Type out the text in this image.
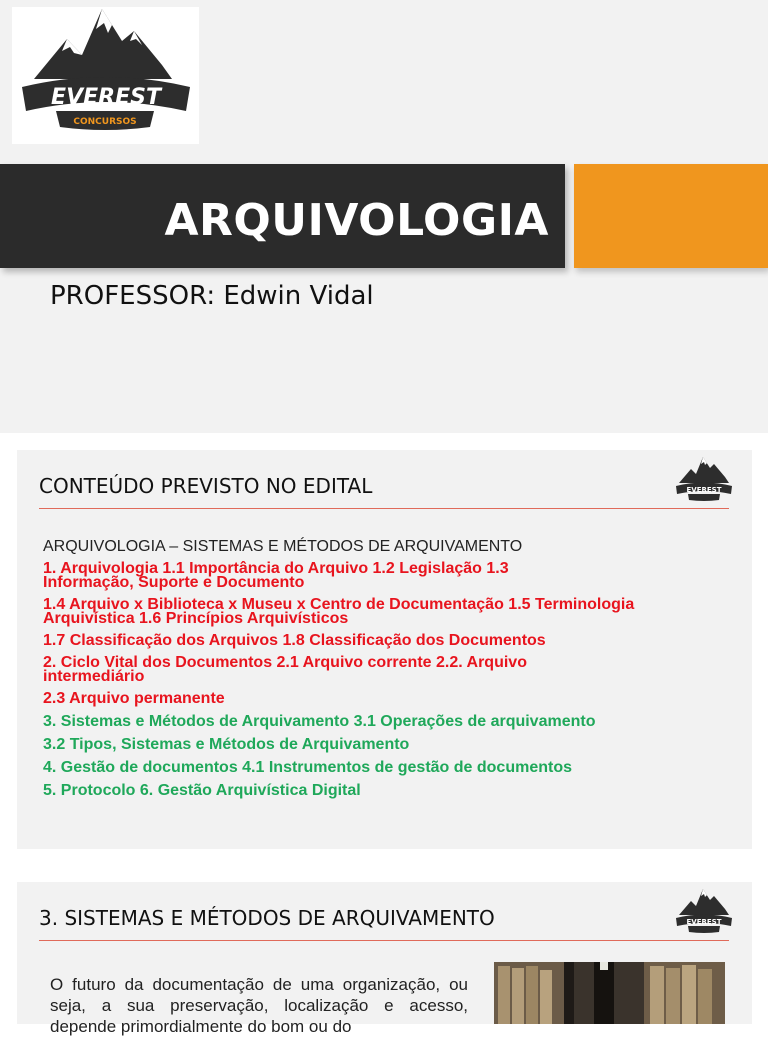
EVEREST
CONCURSOS
ARQUIVOLOGIA
PROFESSOR: Edwin Vidal
CONTEÚDO PREVISTO NO EDITAL	EVEREST
ARQUIVOLOGIA – SISTEMAS E MÉTODOS DE ARQUIVAMENTO
1. Arquivologia 1.1 Importância do Arquivo 1.2 Legislação 1.3
Informação, Suporte e Documento
1.4 Arquivo x Biblioteca x Museu x Centro de Documentação 1.5 Terminologia
Arquivística 1.6 Princípios Arquivísticos
1.7 Classificação dos Arquivos 1.8 Classificação dos Documentos
2. Ciclo Vital dos Documentos 2.1 Arquivo corrente 2.2. Arquivo
intermediário
2.3 Arquivo permanente
3. Sistemas e Métodos de Arquivamento 3.1 Operações de arquivamento
3.2 Tipos, Sistemas e Métodos de Arquivamento
4. Gestão de documentos 4.1 Instrumentos de gestão de documentos
5. Protocolo 6. Gestão Arquivística Digital
3. SISTEMAS E MÉTODOS DE ARQUIVAMENTO	EVEREST
O futuro da documentação de uma organização, ou seja, a sua preservação, localização e acesso, depende primordialmente do bom ou do
